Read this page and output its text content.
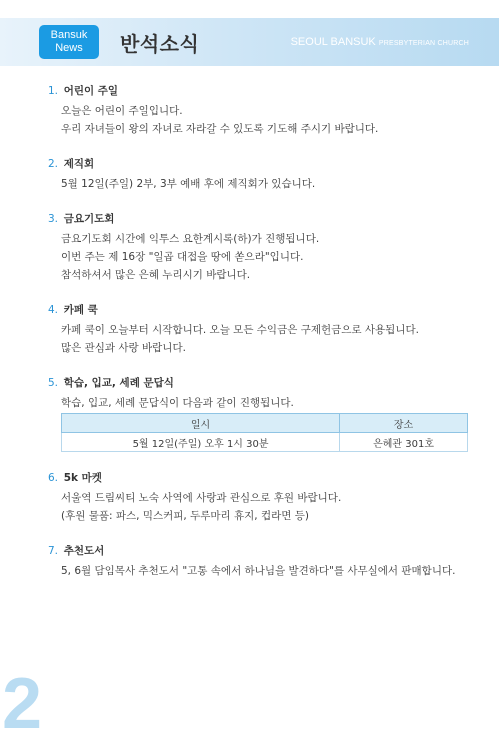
Bansuk
News	반석소식	SEOUL BANSUK PRESBYTERIAN CHURCH
1. 어린이 주일
오늘은 어린이 주일입니다.
우리 자녀들이 왕의 자녀로 자라갈 수 있도록 기도해 주시기 바랍니다.
2. 제직회
5월 12일(주일) 2부, 3부 예배 후에 제직회가 있습니다.
3. 금요기도회
금요기도회 시간에 익투스 요한계시록(하)가 진행됩니다.
이번 주는 제 16장 "일곱 대접을 땅에 쏟으라"입니다.
참석하셔서 많은 은혜 누리시기 바랍니다.
4. 카페 쿡
카페 쿡이 오늘부터 시작합니다. 오늘 모든 수익금은 구제헌금으로 사용됩니다.
많은 관심과 사랑 바랍니다.
5. 학습, 입교, 세례 문답식
학습, 입교, 세례 문답식이 다음과 같이 진행됩니다.
일시	장소
5월 12일(주일) 오후 1시 30분	은혜관 301호
6. 5k 마켓
서울역 드림씨티 노숙 사역에 사랑과 관심으로 후원 바랍니다.
(후원 물품: 파스, 믹스커피, 두루마리 휴지, 컵라면 등)
7. 추천도서
5, 6월 담임목사 추천도서 "고통 속에서 하나님을 발견하다"를 사무실에서 판매합니다.
2
